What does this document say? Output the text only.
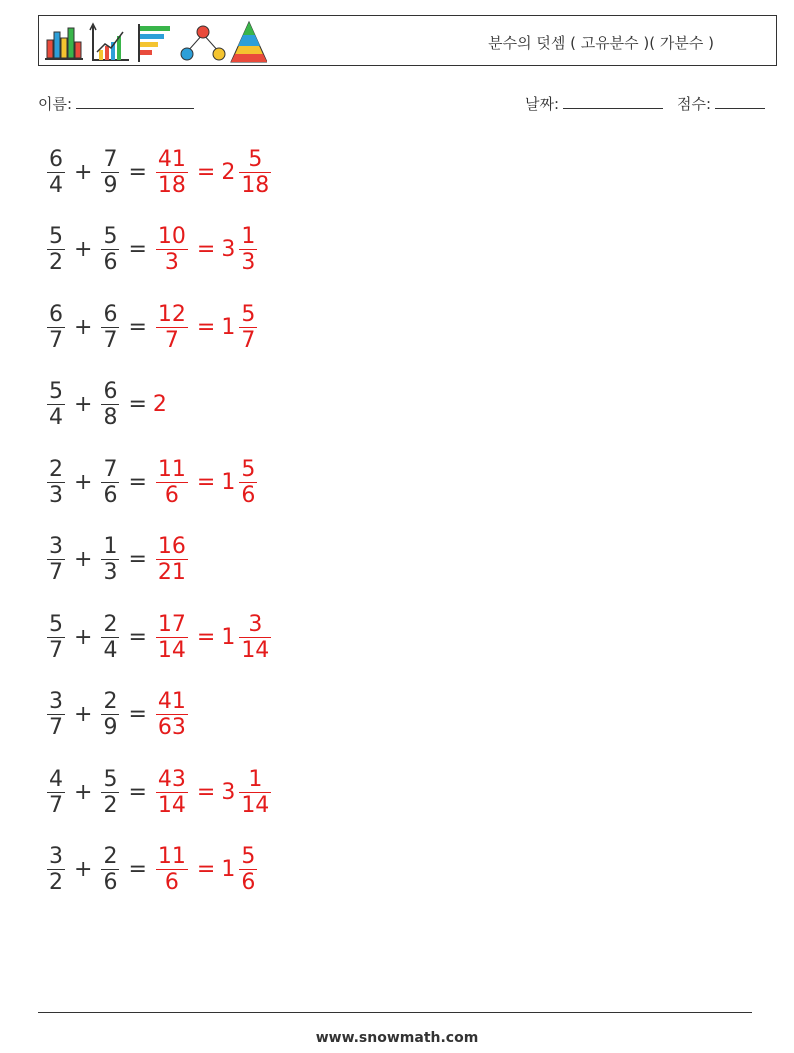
분수의 덧셈 ( 고유분수 )( 가분수 )
이름:	날짜:	점수:
$\frac{6}{4} + \frac{7}{9} = \frac{41}{18} = 2 \frac{5}{18}$
$\frac{5}{2} + \frac{5}{6} = \frac{10}{3} = 3 \frac{1}{3}$
$\frac{6}{7} + \frac{6}{7} = \frac{12}{7} = 1 \frac{5}{7}$
$\frac{5}{4} + \frac{6}{8} = 2$
$\frac{2}{3} + \frac{7}{6} = \frac{11}{6} = 1 \frac{5}{6}$
$\frac{3}{7} + \frac{1}{3} = \frac{16}{21}$
$\frac{5}{7} + \frac{2}{4} = \frac{17}{14} = 1 \frac{3}{14}$
$\frac{3}{7} + \frac{2}{9} = \frac{41}{63}$
$\frac{4}{7} + \frac{5}{2} = \frac{43}{14} = 3 \frac{1}{14}$
$\frac{3}{2} + \frac{2}{6} = \frac{11}{6} = 1 \frac{5}{6}$
www.snowmath.com
